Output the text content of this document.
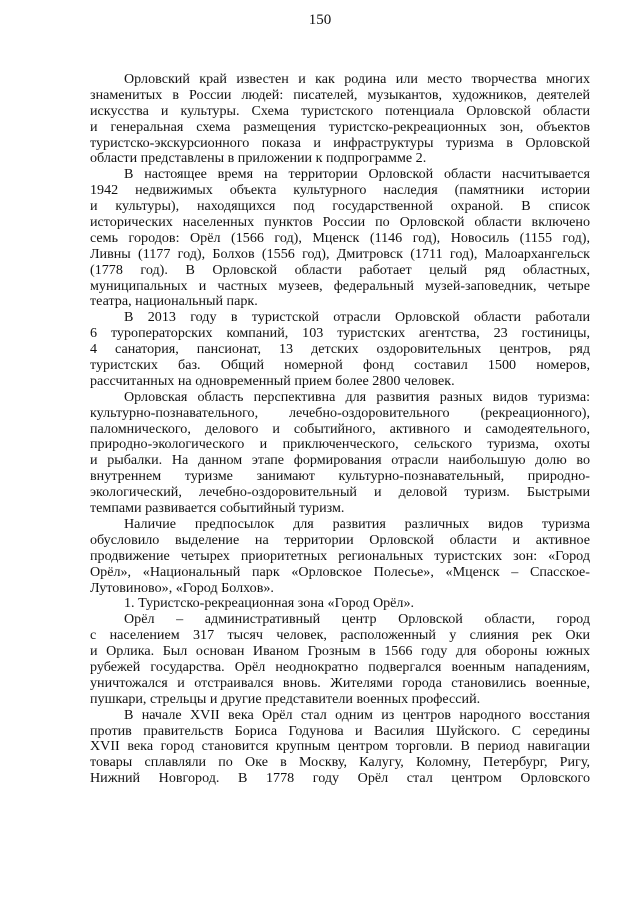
150
Орловский край известен и как родина или место творчества многих
знаменитых в России людей: писателей, музыкантов, художников, деятелей
искусства и культуры. Схема туристского потенциала Орловской области
и генеральная схема размещения туристско-рекреационных зон, объектов
туристско-экскурсионного показа и инфраструктуры туризма в Орловской
области представлены в приложении к подпрограмме 2.
В настоящее время на территории Орловской области насчитывается
1942 недвижимых объекта культурного наследия (памятники истории
и культуры), находящихся под государственной охраной. В список
исторических населенных пунктов России по Орловской области включено
семь городов: Орёл (1566 год), Мценск (1146 год), Новосиль (1155 год),
Ливны (1177 год), Болхов (1556 год), Дмитровск (1711 год), Малоархангельск
(1778 год). В Орловской области работает целый ряд областных,
муниципальных и частных музеев, федеральный музей-заповедник, четыре
театра, национальный парк.
В 2013 году в туристской отрасли Орловской области работали
6 туроператорских компаний, 103 туристских агентства, 23 гостиницы,
4 санатория, пансионат, 13 детских оздоровительных центров, ряд
туристских баз. Общий номерной фонд составил 1500 номеров,
рассчитанных на одновременный прием более 2800 человек.
Орловская область перспективна для развития разных видов туризма:
культурно-познавательного, лечебно-оздоровительного (рекреационного),
паломнического, делового и событийного, активного и самодеятельного,
природно-экологического и приключенческого, сельского туризма, охоты
и рыбалки. На данном этапе формирования отрасли наибольшую долю во
внутреннем туризме занимают культурно-познавательный, природно-
экологический, лечебно-оздоровительный и деловой туризм. Быстрыми
темпами развивается событийный туризм.
Наличие предпосылок для развития различных видов туризма
обусловило выделение на территории Орловской области и активное
продвижение четырех приоритетных региональных туристских зон: «Город
Орёл», «Национальный парк «Орловское Полесье», «Мценск – Спасское-
Лутовиново», «Город Болхов».
1. Туристско-рекреационная зона «Город Орёл».
Орёл – административный центр Орловской области, город
с населением 317 тысяч человек, расположенный у слияния рек Оки
и Орлика. Был основан Иваном Грозным в 1566 году для обороны южных
рубежей государства. Орёл неоднократно подвергался военным нападениям,
уничтожался и отстраивался вновь. Жителями города становились военные,
пушкари, стрельцы и другие представители военных профессий.
В начале XVII века Орёл стал одним из центров народного восстания
против правительств Бориса Годунова и Василия Шуйского. С середины
XVII века город становится крупным центром торговли. В период навигации
товары сплавляли по Оке в Москву, Калугу, Коломну, Петербург, Ригу,
Нижний Новгород. В 1778 году Орёл стал центром Орловского
